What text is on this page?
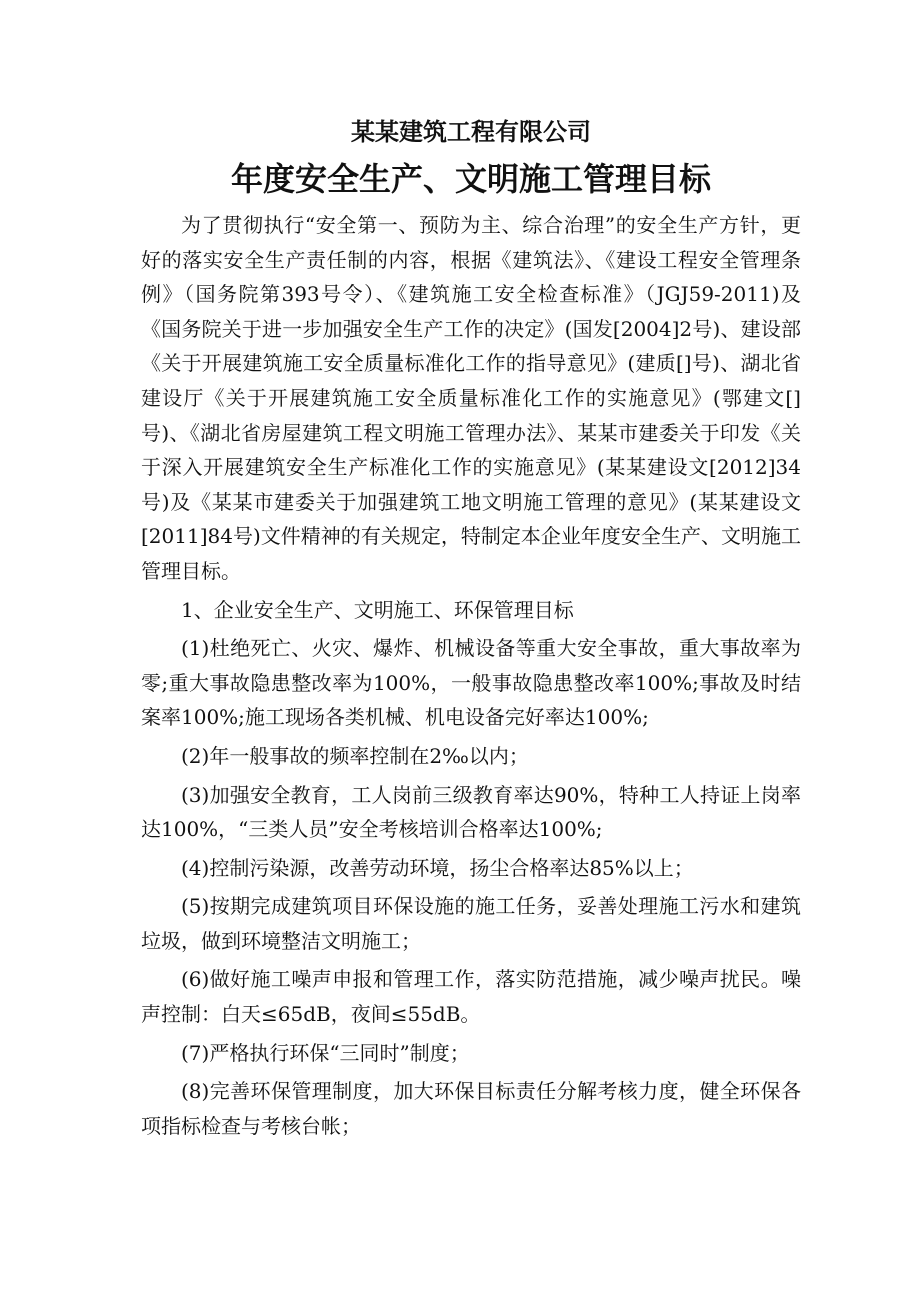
某某建筑工程有限公司
年度安全生产、文明施工管理目标

为了贯彻执行“安全第一、预防为主、综合治理”的安全生产方针，更好的落实安全生产责任制的内容，根据《建筑法》、《建设工程安全管理条例》（国务院第393号令）、《建筑施工安全检查标准》（JGJ59-2011)及《国务院关于进一步加强安全生产工作的决定》(国发[2004]2号)、建设部《关于开展建筑施工安全质量标准化工作的指导意见》(建质[]号)、湖北省建设厅《关于开展建筑施工安全质量标准化工作的实施意见》(鄂建文[]号)、《湖北省房屋建筑工程文明施工管理办法》、某某市建委关于印发《关于深入开展建筑安全生产标准化工作的实施意见》(某某建设文[2012]34号)及《某某市建委关于加强建筑工地文明施工管理的意见》(某某建设文[2011]84号)文件精神的有关规定，特制定本企业年度安全生产、文明施工管理目标。

1、企业安全生产、文明施工、环保管理目标

(1)杜绝死亡、火灾、爆炸、机械设备等重大安全事故，重大事故率为零;重大事故隐患整改率为100%，一般事故隐患整改率100%;事故及时结案率100%;施工现场各类机械、机电设备完好率达100%;

(2)年一般事故的频率控制在2‰以内；

(3)加强安全教育，工人岗前三级教育率达90%，特种工人持证上岗率达100%，“三类人员”安全考核培训合格率达100%;

(4)控制污染源，改善劳动环境，扬尘合格率达85%以上；

(5)按期完成建筑项目环保设施的施工任务，妥善处理施工污水和建筑垃圾，做到环境整洁文明施工；

(6)做好施工噪声申报和管理工作，落实防范措施，减少噪声扰民。噪声控制：白天≤65dB，夜间≤55dB。

(7)严格执行环保“三同时”制度；

(8)完善环保管理制度，加大环保目标责任分解考核力度，健全环保各项指标检查与考核台帐；
